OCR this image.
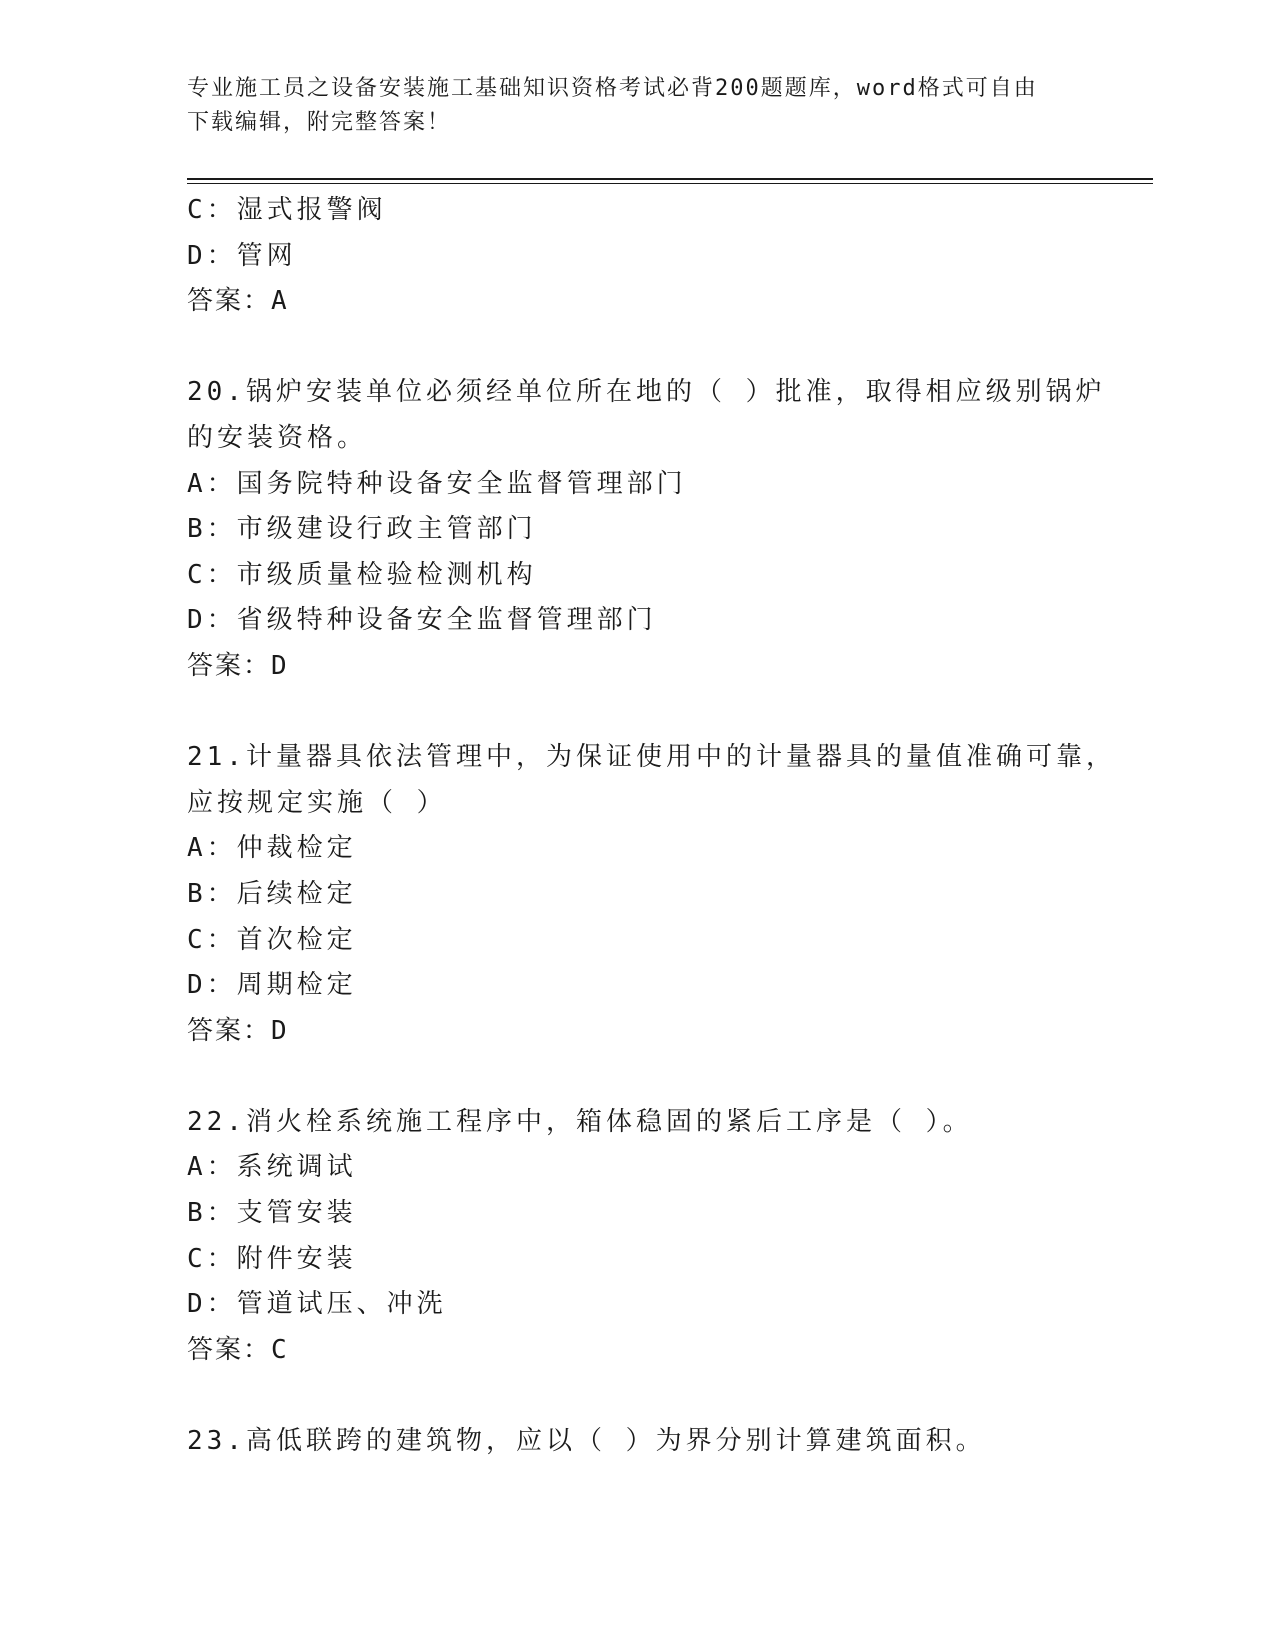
专业施工员之设备安装施工基础知识资格考试必背200题题库，word格式可自由
下载编辑，附完整答案！
C：湿式报警阀
D：管网
答案：A
20.锅炉安装单位必须经单位所在地的（ ）批准，取得相应级别锅炉
的安装资格。
A：国务院特种设备安全监督管理部门
B：市级建设行政主管部门
C：市级质量检验检测机构
D：省级特种设备安全监督管理部门
答案：D
21.计量器具依法管理中，为保证使用中的计量器具的量值准确可靠，
应按规定实施（ ）
A：仲裁检定
B：后续检定
C：首次检定
D：周期检定
答案：D
22.消火栓系统施工程序中，箱体稳固的紧后工序是（ ）。
A：系统调试
B：支管安装
C：附件安装
D：管道试压、冲洗
答案：C
23.高低联跨的建筑物，应以（ ）为界分别计算建筑面积。
